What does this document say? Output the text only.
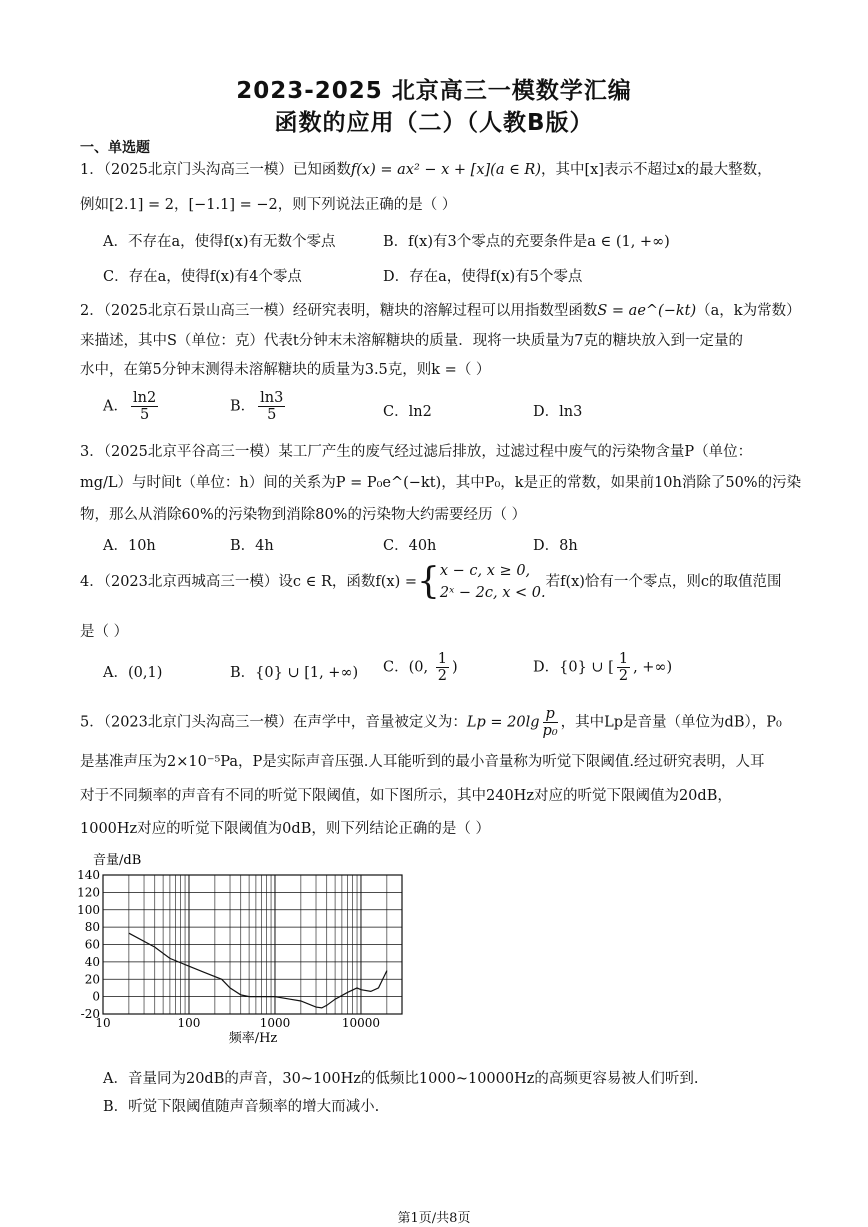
2023-2025 北京高三一模数学汇编
函数的应用（二）（人教B版）
一、单选题
1．（2025北京门头沟高三一模）已知函数f(x) = ax² − x + [x](a ∈ R)，其中[x]表示不超过x的最大整数，
例如[2.1] = 2，[−1.1] = −2，则下列说法正确的是（ ）
A．不存在a，使得f(x)有无数个零点	B．f(x)有3个零点的充要条件是a ∈ (1, +∞)
C．存在a，使得f(x)有4个零点	D．存在a，使得f(x)有5个零点
2．（2025北京石景山高三一模）经研究表明，糖块的溶解过程可以用指数型函数S = ae^(−kt)（a，k为常数）
来描述，其中S（单位：克）代表t分钟末未溶解糖块的质量．现将一块质量为7克的糖块放入到一定量的
水中，在第5分钟末测得未溶解糖块的质量为3.5克，则k =（ ）
A． $\frac{\ln 2}{5}$	B． $\frac{\ln 3}{5}$	C．ln2	D．ln3
3．（2025北京平谷高三一模）某工厂产生的废气经过滤后排放，过滤过程中废气的污染物含量P（单位：
mg/L）与时间t（单位：h）间的关系为P = P₀e^(−kt)，其中P₀，k是正的常数，如果前10h消除了50%的污染
物，那么从消除60%的污染物到消除80%的污染物大约需要经历（ ）
A．10h	B．4h	C．40h	D．8h
4．（2023北京西城高三一模）设c ∈ R，函数f(x) ={ x − c, x ≥ 0,
2ˣ − 2c, x < 0.
若f(x)恰有一个零点，则c的取值范围
是（ ）
A．(0,1)	B．{0} ∪ [1, +∞) C．(0, $\frac{1}{2}$ )	D．{0} ∪ [ $\frac{1}{2}$ , +∞)
5．（2023北京门头沟高三一模）在声学中，音量被定义为：$Lp = 20\lg \frac{p}{\text{p₀}}$ ，其中Lp是音量（单位为dB），P₀
是基准声压为2×10⁻⁵Pa，P是实际声音压强.人耳能听到的最小音量称为听觉下限阈值.经过研究表明，人耳
对于不同频率的声音有不同的听觉下限阈值，如下图所示，其中240Hz对应的听觉下限阈值为20dB，
1000Hz对应的听觉下限阈值为0dB，则下列结论正确的是（ ）
140
120
100
80
60
40
20
0
-20
10	100	1000	10000
音量/dB
频率/Hz
A．音量同为20dB的声音，30~100Hz的低频比1000~10000Hz的高频更容易被人们听到.
B．听觉下限阈值随声音频率的增大而减小.
第1页/共8页
